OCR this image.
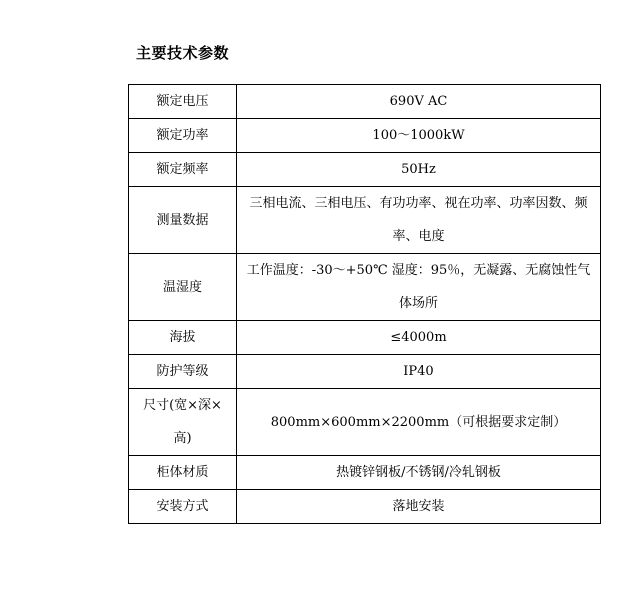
主要技术参数
额定电压	690V AC
额定功率	100～1000kW
额定频率	50Hz
测量数据	三相电流、三相电压、有功功率、视在功率、功率因数、频率、电度
温湿度	工作温度：-30～+50℃ 湿度：95％，无凝露、无腐蚀性气体场所
海拔	≤4000m
防护等级	IP40
尺寸(宽×深×高)	800mm×600mm×2200mm（可根据要求定制）
柜体材质	热镀锌钢板/不锈钢/冷轧钢板
安装方式	落地安装
